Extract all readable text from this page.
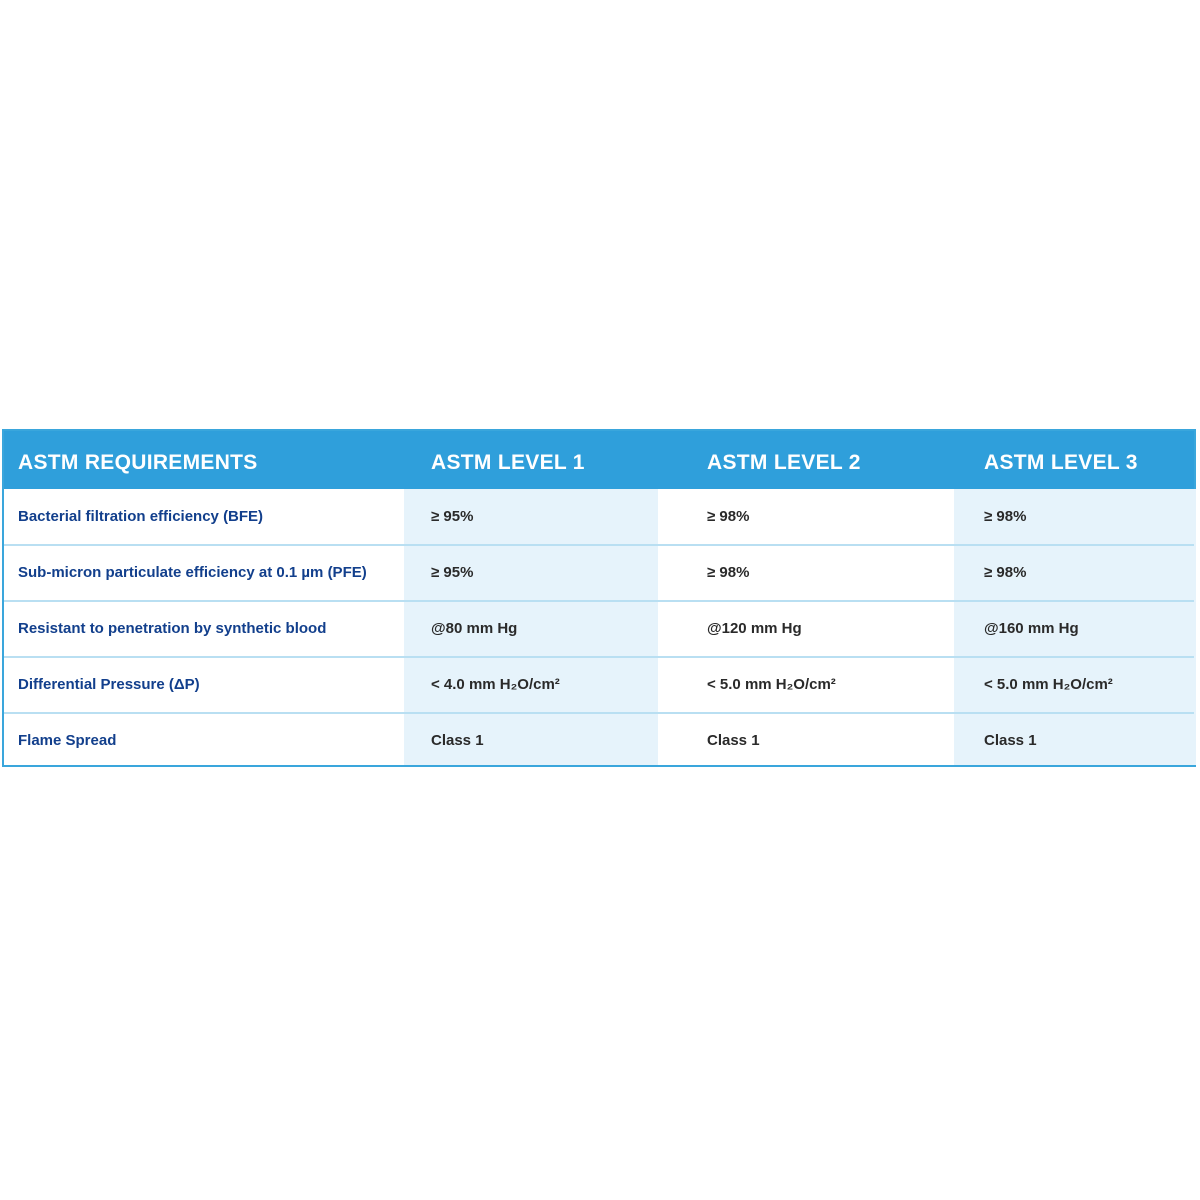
ASTM REQUIREMENTS	ASTM LEVEL 1	ASTM LEVEL 2	ASTM LEVEL 3
Bacterial filtration efficiency (BFE)	≥ 95%	≥ 98%	≥ 98%
Sub-micron particulate efficiency at 0.1 µm (PFE)	≥ 95%	≥ 98%	≥ 98%
Resistant to penetration by synthetic blood	@80 mm Hg	@120 mm Hg	@160 mm Hg
Differential Pressure (ΔP)	< 4.0 mm H₂O/cm²	< 5.0 mm H₂O/cm²	< 5.0 mm H₂O/cm²
Flame Spread	Class 1	Class 1	Class 1
